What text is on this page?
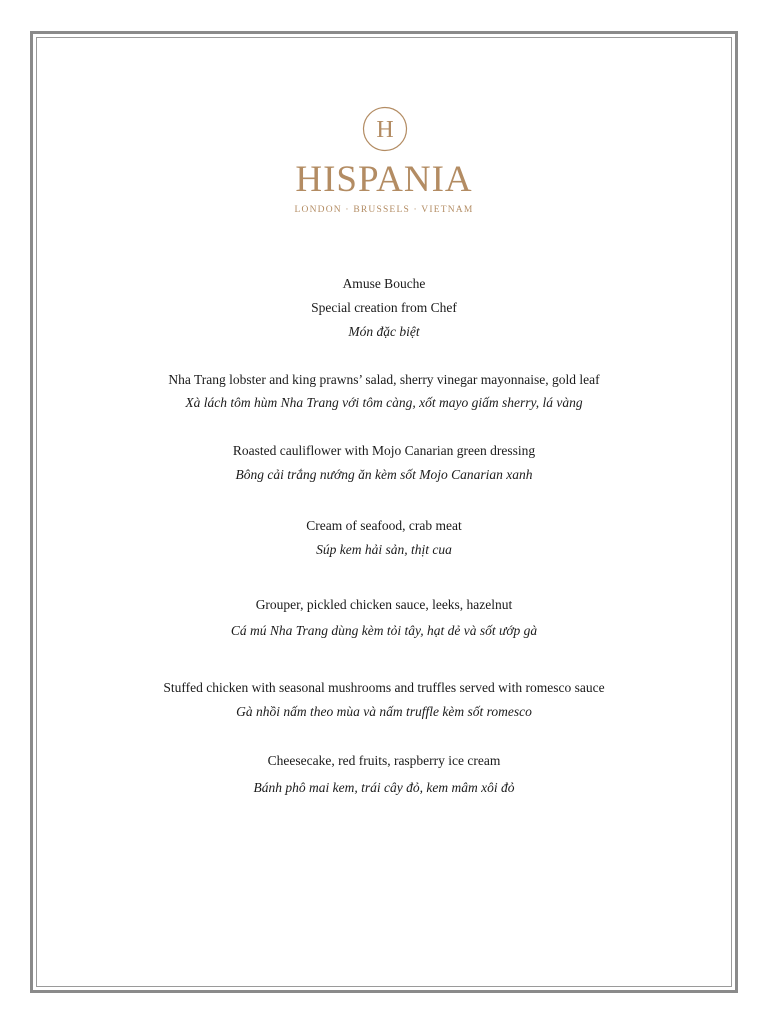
H
HISPANIA
LONDON · BRUSSELS · VIETNAM
Amuse Bouche
Special creation from Chef
Món đặc biệt
Nha Trang lobster and king prawns’ salad, sherry vinegar mayonnaise, gold leaf
Xà lách tôm hùm Nha Trang với tôm càng, xốt mayo giấm sherry, lá vàng
Roasted cauliflower with Mojo Canarian green dressing
Bông cải trắng nướng ăn kèm sốt Mojo Canarian xanh
Cream of seafood, crab meat
Súp kem hải sản, thịt cua
Grouper, pickled chicken sauce, leeks, hazelnut
Cá mú Nha Trang dùng kèm tỏi tây, hạt dẻ và sốt ướp gà
Stuffed chicken with seasonal mushrooms and truffles served with romesco sauce
Gà nhồi nấm theo mùa và nấm truffle kèm sốt romesco
Cheesecake, red fruits, raspberry ice cream
Bánh phô mai kem, trái cây đỏ, kem mâm xôi đỏ
